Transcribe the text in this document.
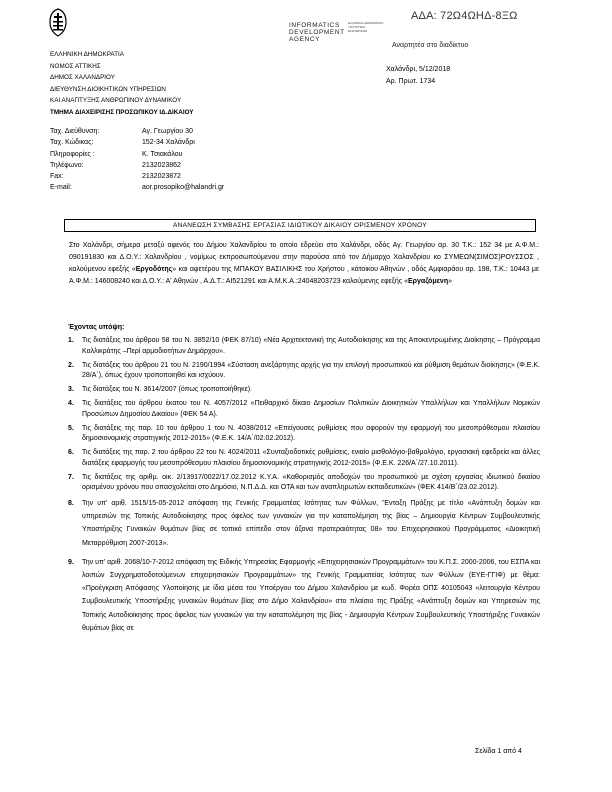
ΑΔΑ: 72Ω4ΩΗΔ-8ΞΩ
INFORMATICS DEVELOPMENT AGENCY
ΕΛΛΗΝΙΚΗ ΔΗΜΟΚΡΑΤΙΑ ΥΠΟΥΡΓΕΙΟ ΕΣΩΤΕΡΙΚΩΝ
Αναρτητέα στο διαδίκτυο
ΕΛΛΗΝΙΚΗ ΔΗΜΟΚΡΑΤΙΑ
ΝΟΜΟΣ ΑΤΤΙΚΗΣ
ΔΗΜΟΣ ΧΑΛΑΝΔΡΙΟΥ
ΔΙΕΥΘΥΝΣΗ ΔΙΟΙΚΗΤΙΚΩΝ ΥΠΗΡΕΣΙΩΝ
ΚΑΙ ΑΝΑΠΤΥΞΗΣ ΑΝΘΡΩΠΙΝΟΥ ΔΥΝΑΜΙΚΟΥ
ΤΜΗΜΑ ΔΙΑΧΕΙΡΙΣΗΣ ΠΡΟΣΩΠΙΚΟΥ ΙΔ.ΔΙΚΑΙΟΥ
Χαλάνδρι, 5/12/2018
Αρ. Πρωτ. 1734
Ταχ. Διεύθυνση:	Αγ. Γεωργίου 30
Ταχ. Κώδικας:	152-34 Χαλάνδρι
Πληροφορίες :	Κ. Τσιακάλου
Τηλέφωνο:	2132023862
Fax:	2132023872
E-mail:	aor.prosopiko@halandri.gr
ΑΝΑΝΕΩΣΗ ΣΥΜΒΑΣΗΣ ΕΡΓΑΣΙΑΣ ΙΔΙΩΤΙΚΟΥ ΔΙΚΑΙΟΥ ΟΡΙΣΜΕΝΟΥ ΧΡΟΝΟΥ
Στο Χαλάνδρι, σήμερα μεταξύ αφενός του Δήμου Χαλανδρίου το οποίο εδρεύει στο Χαλάνδρι, οδός Αγ. Γεωργίου αρ. 30 Τ.Κ.: 152 34 με Α.Φ.Μ.: 090191830 και Δ.Ο.Υ.: Χαλανδρίου , νομίμως εκπροσωπούμενου στην παρούσα από τον Δήμαρχο Χαλανδρίου κο ΣΥΜΕΩΝ(ΣΙΜΟΣ)ΡΟΥΣΣΟΣ , καλούμενου εφεξής «Εργοδότης» και αφετέρου της ΜΠΑΚΟΥ ΒΑΣΙΛΙΚΗΣ του Χρήστου , κάτοικου Αθηνών , οδός Αμφιαράου αρ. 198, Τ.Κ.: 10443 με Α.Φ.Μ.: 146008240 και Δ.Ο.Υ.: Α' Αθηνών , Α.Δ.Τ.: ΑΙ521291 και Α.Μ.Κ.Α.:24048203723 καλούμενης εφεξής «Εργαζόμενη»
Έχοντας υπόψη:
1.	Τις διατάξεις του άρθρου 58 του Ν. 3852/10 (ΦΕΚ 87/10) «Νέα Αρχιτεκτονική της Αυτοδιοίκησης και της Αποκεντρωμένης Διοίκησης – Πρόγραμμα Καλλικράτης –Περί αρμοδιοτήτων Δημάρχου».
2.	Τις διατάξεις του άρθρου 21 του Ν. 2190/1994 «Σύσταση ανεξάρτητης αρχής για την επιλογή προσωπικού και ρύθμιση θεμάτων διοίκησης» (Φ.Ε.Κ. 28/Α΄), όπως έχουν τροποποιηθεί και ισχύουν.
3.	Τις διατάξεις του Ν. 3614/2007 (όπως τροποποιήθηκε).
4.	Τις διατάξεις του άρθρου έκατου του Ν. 4057/2012 «Πειθαρχικό δίκαιο Δημοσίων Πολιτικών Διοικητικών Υπαλλήλων και Υπαλλήλων Νομικών Προσώπων Δημοσίου Δικαίου» (ΦΕΚ 54 Α).
5.	Τις διατάξεις της παρ. 10 του άρθρου 1 του Ν. 4038/2012 «Επείγουσες ρυθμίσεις που αφορούν την εφαρμογή του μεσοπρόθεσμου πλαισίου δημοσιονομικής στρατηγικής 2012-2015» (Φ.Ε.Κ. 14/Α΄/02.02.2012).
6.	Τις διατάξεις της παρ. 2 του άρθρου 22 του Ν. 4024/2011 «Συνταξιοδοτικές ρυθμίσεις, ενιαίο μισθολόγιο-βαθμολόγιο, εργασιακή εφεδρεία και άλλες διατάξεις εφαρμογής του μεσοπρόθεσμου πλαισίου δημοσιονομικής στρατηγικής 2012-2015» (Φ.Ε.Κ. 226/Α΄/27.10.2011).
7.	Τις διατάξεις της αριθμ. οικ. 2/13917/0022/17.02.2012 Κ.Υ.Α. «Καθορισμός αποδοχών του προσωπικού με σχέση εργασίας ιδιωτικού δικαίου ορισμένου χρόνου που απασχολείται στο Δημόσιο, Ν.Π.Δ.Δ. και ΟΤΑ και των αναπληρωτών εκπαιδευτικών» (ΦΕΚ 414/Β΄/23.02.2012).
8.	Την υπ' αριθ. 1515/15-05-2012 απόφαση της Γενικής Γραμματέας Ισότητας των Φύλλων, 'Ένταξη Πράξης με τίτλο «Ανάπτυξη δομών και υπηρεσιών της Τοπικής Αυτοδιοίκησης προς όφελος των γυναικών για την καταπολέμηση της βίας – Δημιουργία Κέντρων Συμβουλευτικής Υποστήριξης Γυναικών θυμάτων βίας σε τοπικό επίπεδο στον άξονα προτεραιότητας 08» του Επιχειρησιακού Προγράμματος «Διοικητική Μεταρρύθμιση 2007-2013».
9.	Την υπ' αριθ. 2068/10-7-2012 απόφαση της Ειδικής Υπηρεσίας Εφαρμογής «Επιχειρησιακών Προγραμμάτων» του Κ.Π.Σ. 2000-2006, του ΕΣΠΑ και λοιπών Συγχρηματοδοτούμενων επιχειρησιακών Προγραμμάτων» της Γενικής Γραμματείας Ισότητας των Φύλλων (ΕΥΕ-ΓΓΙΦ) με θέμα: «Προέγκριση Απόφασης Υλοποίησης με ίδια μέσα του Υποέργου του Δήμου Χαλανδρίου με κωδ. Φορέα ΟΠΣ 40105043 «λειτουργία Κέντρου Συμβουλευτικής Υποστήριξης γυναικών θυμάτων βίας στο Δήμο Χαλανδρίου» στο πλαίσιο της Πράξης «Ανάπτυξη δομών και Υπηρεσιών της Τοπικής Αυτοδιοίκησης προς όφελος των γυναικών για την καταπολέμηση της βίας - Δημιουργία Κέντρων Συμβουλευτικής Υποστήριξης Γυναικών θυμάτων βίας σε
Σελίδα 1 από 4
